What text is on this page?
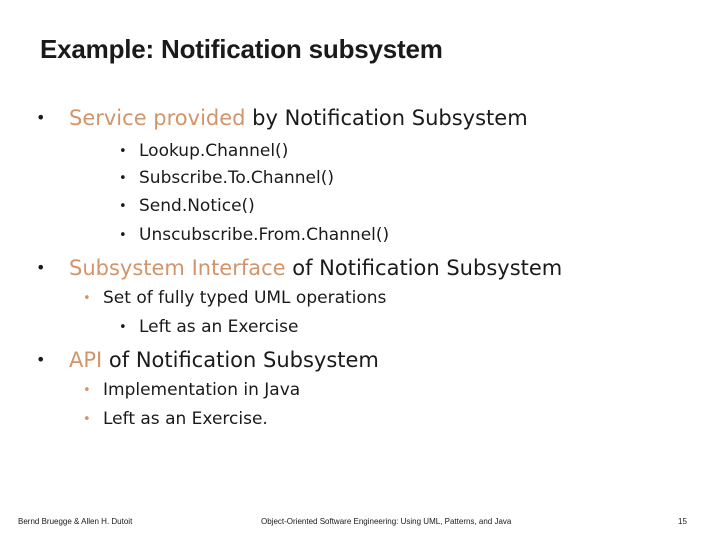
Example: Notification subsystem
• Service provided by Notification Subsystem
• Lookup.Channel()
• Subscribe.To.Channel()
• Send.Notice()
• Unscubscribe.From.Channel()
• Subsystem Interface of Notification Subsystem
• Set of fully typed UML operations
• Left as an Exercise
• API of Notification Subsystem
• Implementation in Java
• Left as an Exercise.
Bernd Bruegge & Allen H. Dutoit	Object-Oriented Software Engineering: Using UML, Patterns, and Java	15
